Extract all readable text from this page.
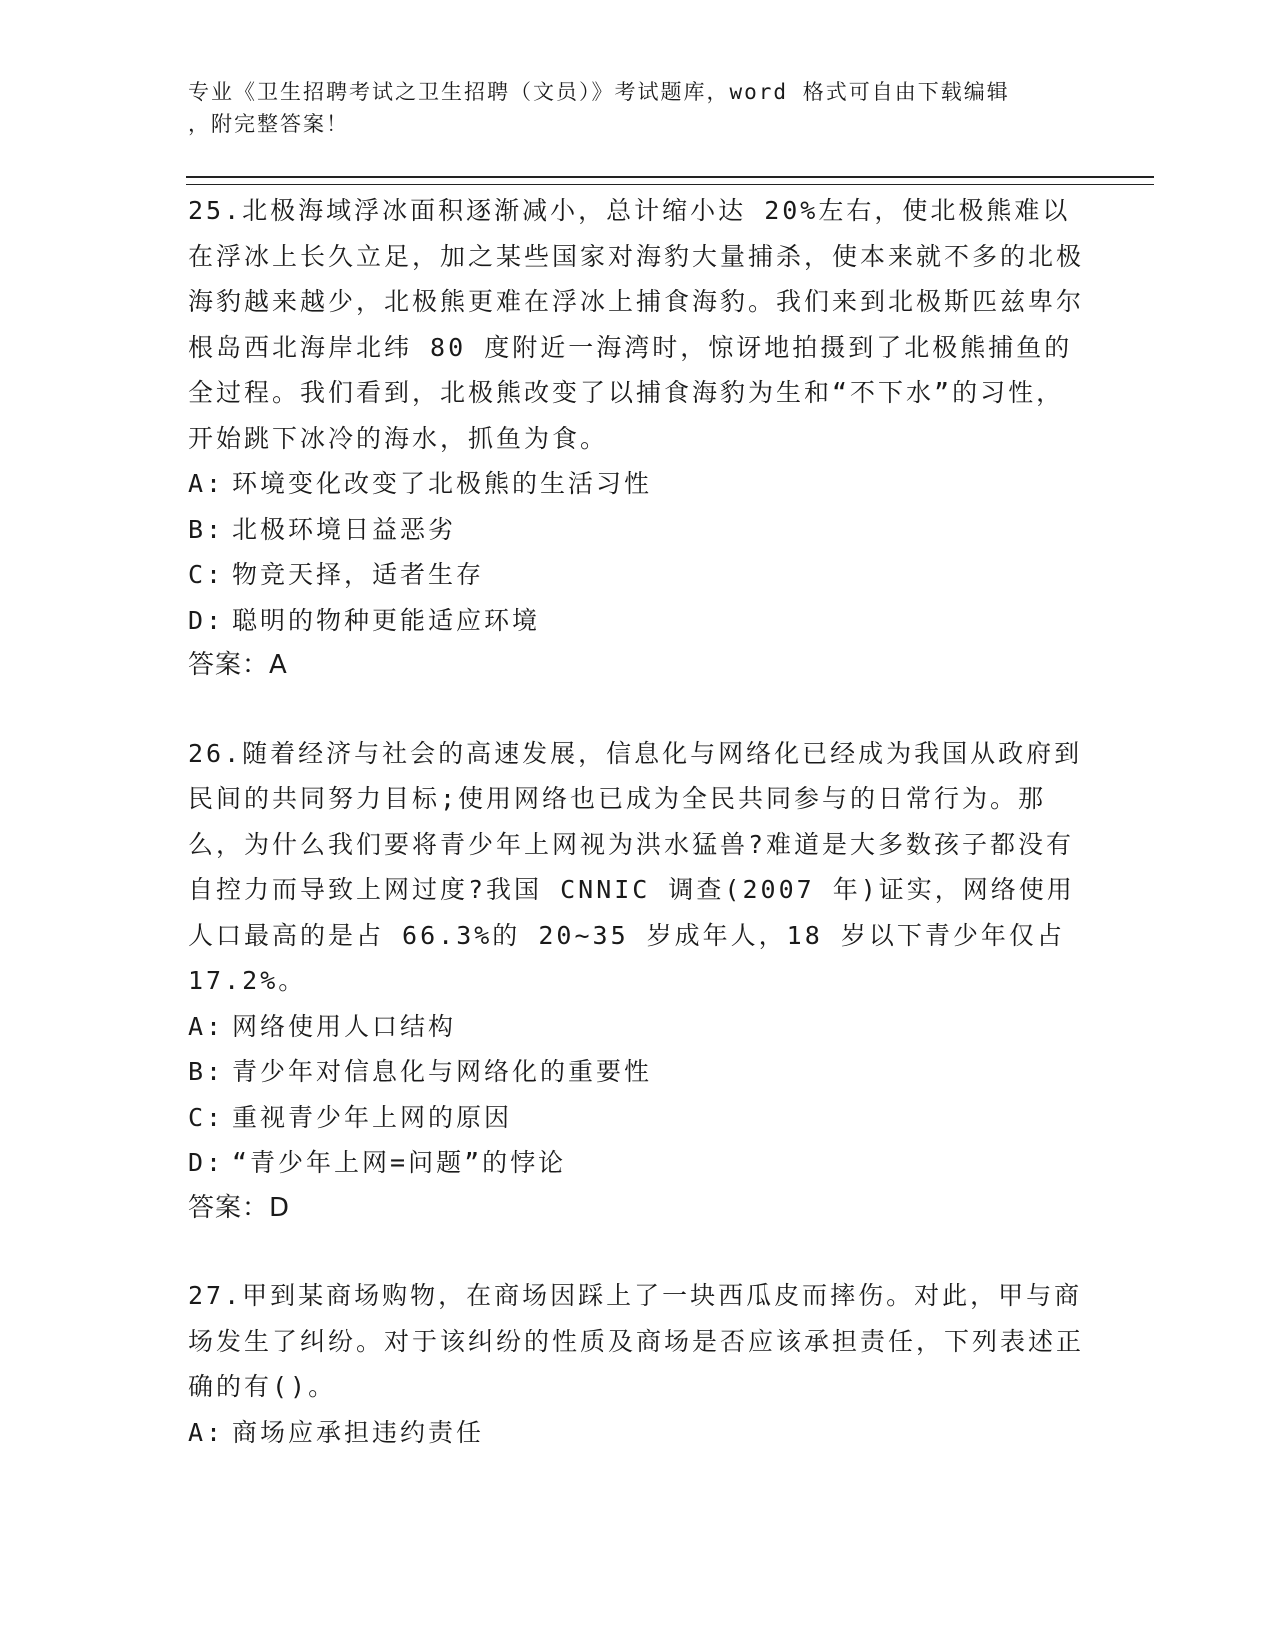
专业《卫生招聘考试之卫生招聘（文员）》考试题库，word 格式可自由下载编辑
，附完整答案！

25.北极海域浮冰面积逐渐减小，总计缩小达 20%左右，使北极熊难以在浮冰上长久立足，加之某些国家对海豹大量捕杀，使本来就不多的北极海豹越来越少，北极熊更难在浮冰上捕食海豹。我们来到北极斯匹兹卑尔根岛西北海岸北纬 80 度附近一海湾时，惊讶地拍摄到了北极熊捕鱼的全过程。我们看到，北极熊改变了以捕食海豹为生和“不下水”的习性，开始跳下冰冷的海水，抓鱼为食。

A: 环境变化改变了北极熊的生活习性

B: 北极环境日益恶劣

C: 物竞天择，适者生存

D: 聪明的物种更能适应环境

答案：A

26.随着经济与社会的高速发展，信息化与网络化已经成为我国从政府到民间的共同努力目标;使用网络也已成为全民共同参与的日常行为。那么，为什么我们要将青少年上网视为洪水猛兽?难道是大多数孩子都没有自控力而导致上网过度?我国 CNNIC 调查(2007 年)证实，网络使用人口最高的是占 66.3%的 20~35 岁成年人，18 岁以下青少年仅占 17.2%。

A: 网络使用人口结构

B: 青少年对信息化与网络化的重要性

C: 重视青少年上网的原因

D: “青少年上网=问题”的悖论

答案：D

27.甲到某商场购物，在商场因踩上了一块西瓜皮而摔伤。对此，甲与商场发生了纠纷。对于该纠纷的性质及商场是否应该承担责任，下列表述正确的有()。

A: 商场应承担违约责任
